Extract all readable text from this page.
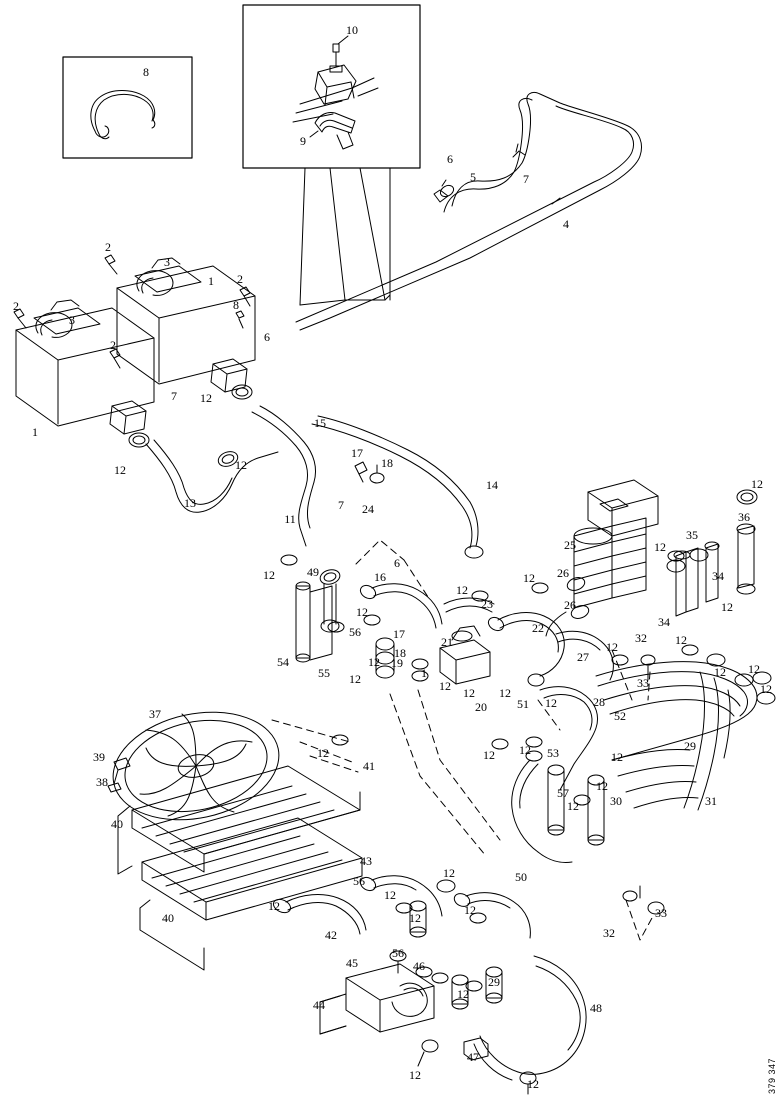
8
10
9
6
7
5
4
2
3
1 2
8
2
3
2
6
1
7 12
12
13
12
15
17
18
14
11
7 24
12	49	16
6
12
12
23
12
25
26
26
12
35
36
12
34
34
12
12
32
12
27
33
12 12
12
22
17
21
56
18
19
12
12	1
20	51 12	28
12 12 12
52
54
55
37
39
38
12
41
12 12 53	12
29
31
57
30
12
12
40
40
12
42
43
56
12
12
12
12
50
32
33
45
56
46
29
12
44	48
47
12
12	379 347
